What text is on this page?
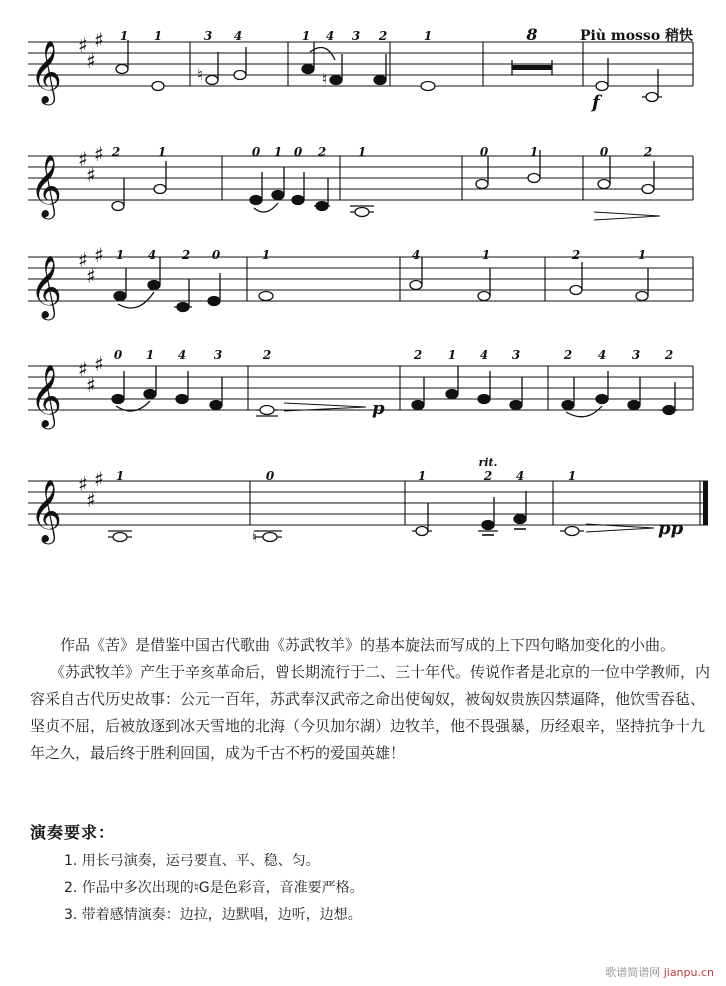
𝄞 ♯
♯
♯
♮	♮
1 1	3 4	1 4 3 2	1	8	Più mosso 稍快
f
𝄞 ♯
♯
♯ 2	1	0 1 0 2	1	0	1	0	2
𝄞 ♯
♯
♯ 1 4 2 0	1	4	1	2	1
𝄞 ♯
♯
♯ 0 1 4 3	2	2 1 4 3	2 4 3 2
p
𝄞 ♯
♯
♯
♮
1	0	1	2 4	1
rit.
pp

作品《苦》是借鉴中国古代歌曲《苏武牧羊》的基本旋法而写成的上下四句略加变化的小曲。

《苏武牧羊》产生于辛亥革命后，曾长期流行于二、三十年代。传说作者是北京的一位中学教师，内容采自古代历史故事：公元一百年，苏武奉汉武帝之命出使匈奴，被匈奴贵族囚禁逼降，他饮雪吞毡、坚贞不屈，后被放逐到冰天雪地的北海（今贝加尔湖）边牧羊，他不畏强暴，历经艰辛，坚持抗争十九年之久，最后终于胜利回国，成为千古不朽的爱国英雄！

演奏要求：
1. 用长弓演奏，运弓要直、平、稳、匀。
2. 作品中多次出现的♮G是色彩音，音准要严格。
3. 带着感情演奏：边拉，边默唱，边听，边想。
歌谱简谱网 jianpu.cn
